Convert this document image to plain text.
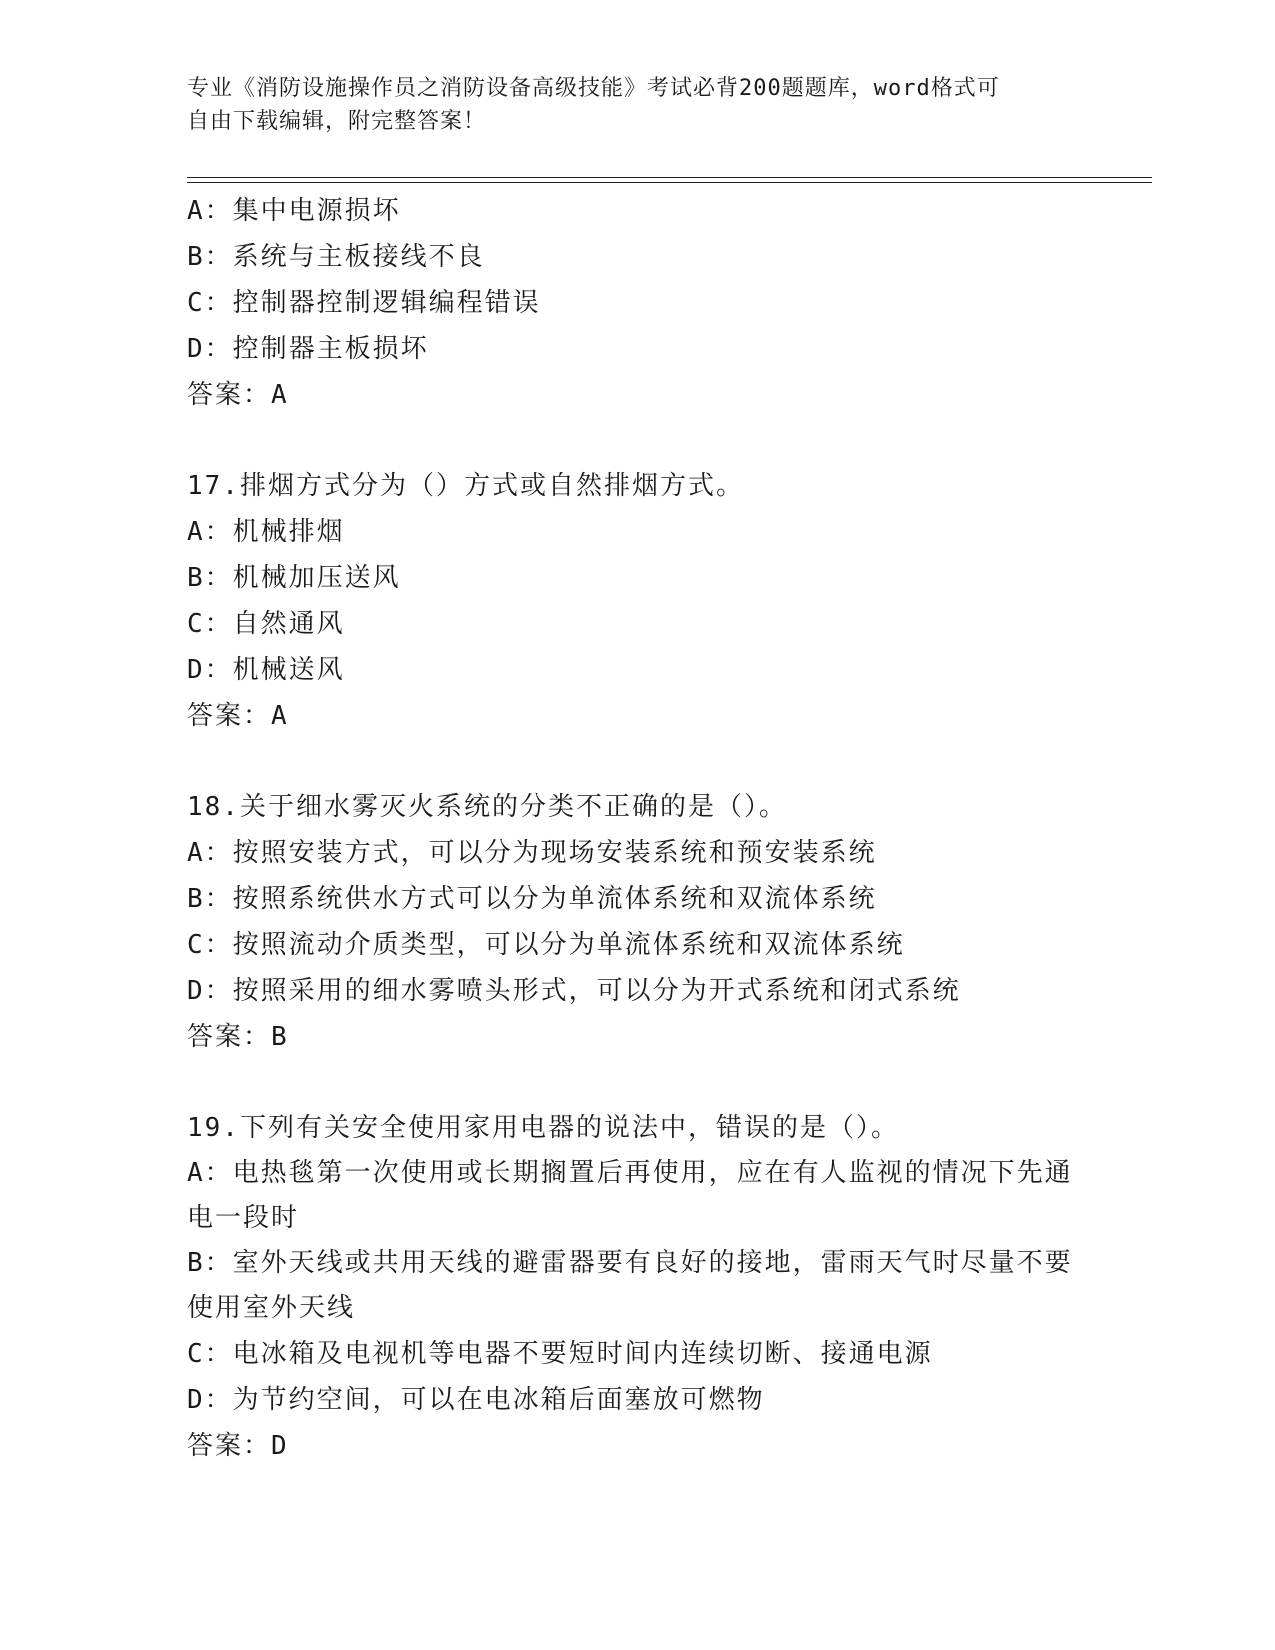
专业《消防设施操作员之消防设备高级技能》考试必背200题题库，word格式可
自由下载编辑，附完整答案！
A：集中电源损坏
B：系统与主板接线不良
C：控制器控制逻辑编程错误
D：控制器主板损坏
答案：A
17.排烟方式分为（）方式或自然排烟方式。
A：机械排烟
B：机械加压送风
C：自然通风
D：机械送风
答案：A
18.关于细水雾灭火系统的分类不正确的是（）。
A：按照安装方式，可以分为现场安装系统和预安装系统
B：按照系统供水方式可以分为单流体系统和双流体系统
C：按照流动介质类型，可以分为单流体系统和双流体系统
D：按照采用的细水雾喷头形式，可以分为开式系统和闭式系统
答案：B
19.下列有关安全使用家用电器的说法中，错误的是（）。
A：电热毯第一次使用或长期搁置后再使用，应在有人监视的情况下先通电一段时
B：室外天线或共用天线的避雷器要有良好的接地，雷雨天气时尽量不要使用室外天线
C：电冰箱及电视机等电器不要短时间内连续切断、接通电源
D：为节约空间，可以在电冰箱后面塞放可燃物
答案：D
